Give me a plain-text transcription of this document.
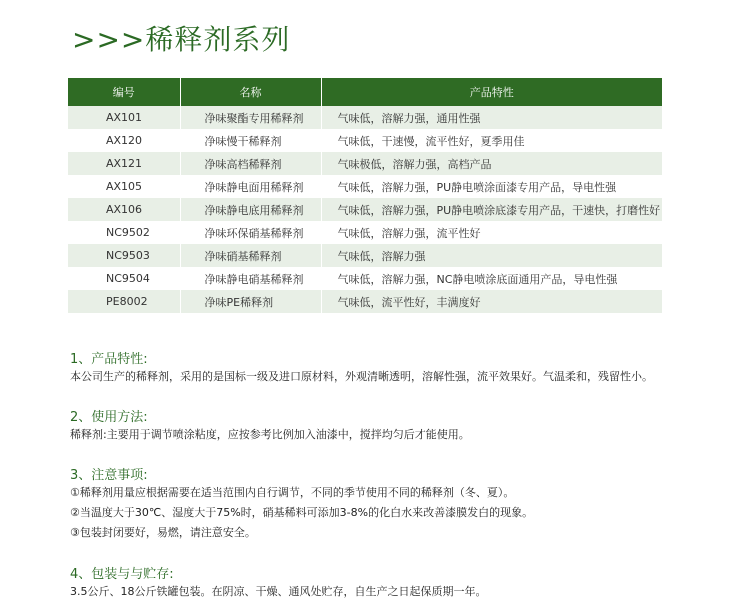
>>>稀释剂系列
编号	名称	产品特性
AX101	净味聚酯专用稀释剂	气味低，溶解力强，通用性强
AX120	净味慢干稀释剂	气味低，干速慢，流平性好，夏季用佳
AX121	净味高档稀释剂	气味极低，溶解力强，高档产品
AX105	净味静电面用稀释剂	气味低，溶解力强，PU静电喷涂面漆专用产品，导电性强
AX106	净味静电底用稀释剂	气味低，溶解力强，PU静电喷涂底漆专用产品，干速快，打磨性好
NC9502	净味环保硝基稀释剂	气味低，溶解力强，流平性好
NC9503	净味硝基稀释剂	气味低，溶解力强
NC9504	净味静电硝基稀释剂	气味低，溶解力强，NC静电喷涂底面通用产品，导电性强
PE8002	净味PE稀释剂	气味低，流平性好，丰满度好
1、产品特性:

本公司生产的稀释剂，采用的是国标一级及进口原材料，外观清晰透明，溶解性强，流平效果好。气温柔和，残留性小。

2、使用方法:

稀释剂:主要用于调节喷涂粘度，应按参考比例加入油漆中，搅拌均匀后才能使用。

3、注意事项:

①稀释剂用量应根据需要在适当范围内自行调节，不同的季节使用不同的稀释剂（冬、夏）。

②当温度大于30℃、湿度大于75%时，硝基稀料可添加3-8%的化白水来改善漆膜发白的现象。

③包装封闭要好，易燃，请注意安全。

4、包装与与贮存:

3.5公斤、18公斤铁罐包装。在阴凉、干燥、通风处贮存，自生产之日起保质期一年。
